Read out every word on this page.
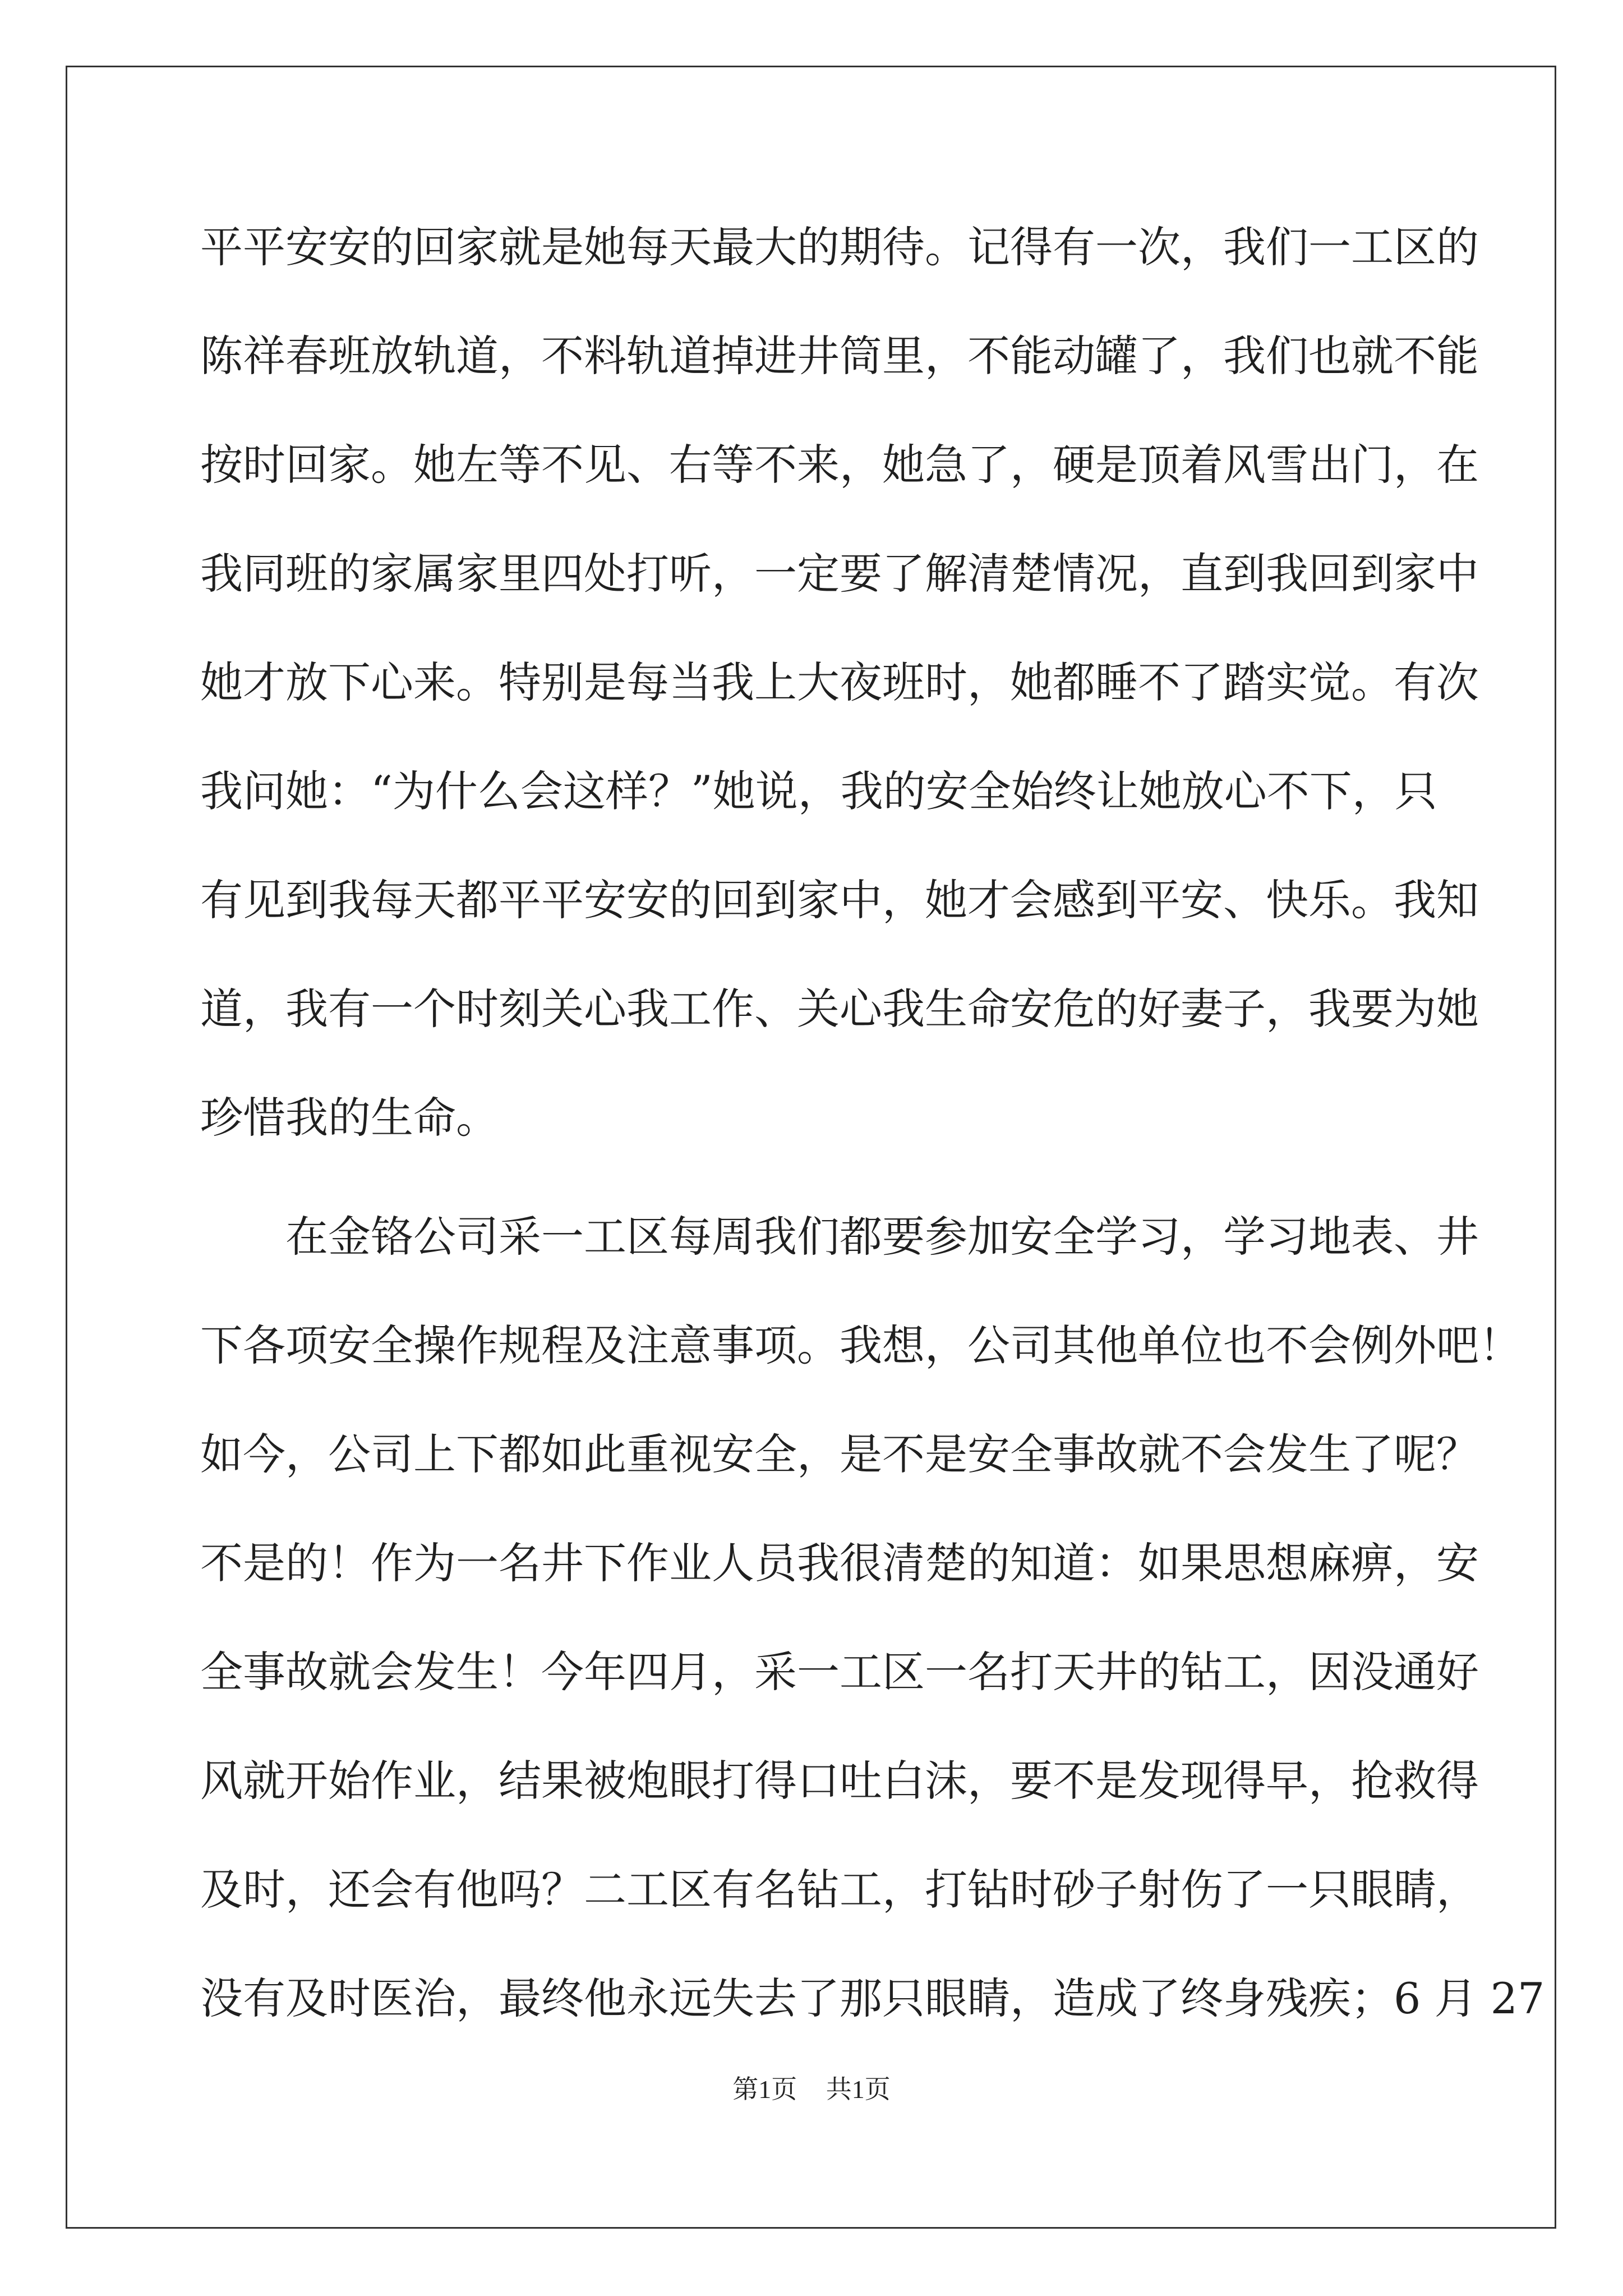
平平安安的回家就是她每天最大的期待。记得有一次，我们一工区的
陈祥春班放轨道，不料轨道掉进井筒里，不能动罐了，我们也就不能
按时回家。她左等不见、右等不来，她急了，硬是顶着风雪出门，在
我同班的家属家里四处打听，一定要了解清楚情况，直到我回到家中
她才放下心来。特别是每当我上大夜班时，她都睡不了踏实觉。有次
我问她：“为什么会这样？”她说，我的安全始终让她放心不下，只
有见到我每天都平平安安的回到家中，她才会感到平安、快乐。我知
道，我有一个时刻关心我工作、关心我生命安危的好妻子，我要为她
珍惜我的生命。
在金铬公司采一工区每周我们都要参加安全学习，学习地表、井
下各项安全操作规程及注意事项。我想，公司其他单位也不会例外吧！
如今，公司上下都如此重视安全，是不是安全事故就不会发生了呢？
不是的！作为一名井下作业人员我很清楚的知道：如果思想麻痹，安
全事故就会发生！今年四月，采一工区一名打天井的钻工，因没通好
风就开始作业，结果被炮眼打得口吐白沫，要不是发现得早，抢救得
及时，还会有他吗？二工区有名钻工，打钻时砂子射伤了一只眼睛，
没有及时医治，最终他永远失去了那只眼睛，造成了终身残疾；6 月 27
第1页 共1页
